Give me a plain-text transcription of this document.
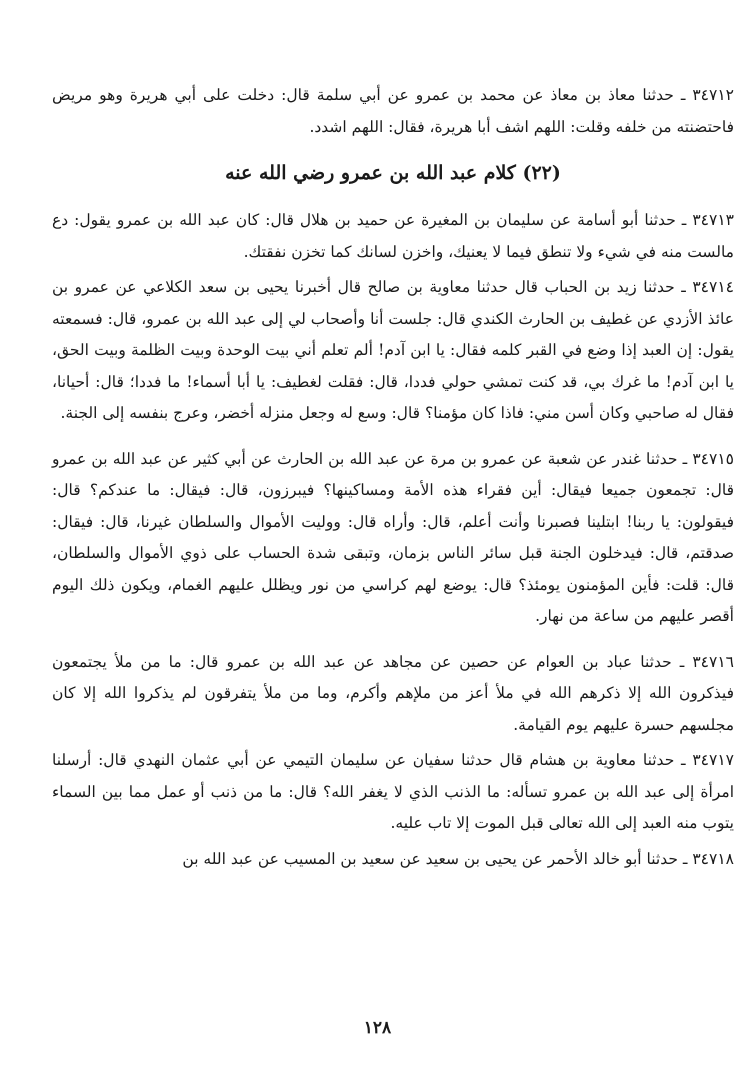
٣٤٧١٢ ـ حدثنا معاذ بن معاذ عن محمد بن عمرو عن أبي سلمة قال: دخلت على أبي هريرة وهو مريض فاحتضنته من خلفه وقلت: اللهم اشف أبا هريرة، فقال: اللهم اشدد.

(٢٢) كلام عبد الله بن عمرو رضي الله عنه

٣٤٧١٣ ـ حدثنا أبو أسامة عن سليمان بن المغيرة عن حميد بن هلال قال: كان عبد الله بن عمرو يقول: دع مالست منه في شيء ولا تنطق فيما لا يعنيك، واخزن لسانك كما تخزن نفقتك.

٣٤٧١٤ ـ حدثنا زيد بن الحباب قال حدثنا معاوية بن صالح قال أخبرنا يحيى بن سعد الكلاعي عن عمرو بن عائذ الأزدي عن غطيف بن الحارث الكندي قال: جلست أنا وأصحاب لي إلى عبد الله بن عمرو، قال: فسمعته يقول: إن العبد إذا وضع في القبر كلمه فقال: يا ابن آدم! ألم تعلم أني بيت الوحدة وبيت الظلمة وبيت الحق، يا ابن آدم! ما غرك بي، قد كنت تمشي حولي فددا، قال: فقلت لغطيف: يا أبا أسماء! ما فددا؛ قال: أحيانا، فقال له صاحبي وكان أسن مني: فاذا كان مؤمنا؟ قال: وسع له وجعل منزله أخضر، وعرج بنفسه إلى الجنة.

٣٤٧١٥ ـ حدثنا غندر عن شعبة عن عمرو بن مرة عن عبد الله بن الحارث عن أبي كثير عن عبد الله بن عمرو قال: تجمعون جميعا فيقال: أين فقراء هذه الأمة ومساكينها؟ فيبرزون، قال: فيقال: ما عندكم؟ قال: فيقولون: يا ربنا! ابتلينا فصبرنا وأنت أعلم، قال: وأراه قال: ووليت الأموال والسلطان غيرنا، قال: فيقال: صدقتم، قال: فيدخلون الجنة قبل سائر الناس بزمان، وتبقى شدة الحساب على ذوي الأموال والسلطان، قال: قلت: فأين المؤمنون يومئذ؟ قال: يوضع لهم كراسي من نور ويظلل عليهم الغمام، ويكون ذلك اليوم أقصر عليهم من ساعة من نهار.

٣٤٧١٦ ـ حدثنا عباد بن العوام عن حصين عن مجاهد عن عبد الله بن عمرو قال: ما من ملأ يجتمعون فيذكرون الله إلا ذكرهم الله في ملأ أعز من ملإهم وأكرم، وما من ملأ يتفرقون لم يذكروا الله إلا كان مجلسهم حسرة عليهم يوم القيامة.

٣٤٧١٧ ـ حدثنا معاوية بن هشام قال حدثنا سفيان عن سليمان التيمي عن أبي عثمان النهدي قال: أرسلنا امرأة إلى عبد الله بن عمرو تسأله: ما الذنب الذي لا يغفر الله؟ قال: ما من ذنب أو عمل مما بين السماء يتوب منه العبد إلى الله تعالى قبل الموت إلا تاب عليه.

٣٤٧١٨ ـ حدثنا أبو خالد الأحمر عن يحيى بن سعيد عن سعيد بن المسيب عن عبد الله بن

١٢٨
